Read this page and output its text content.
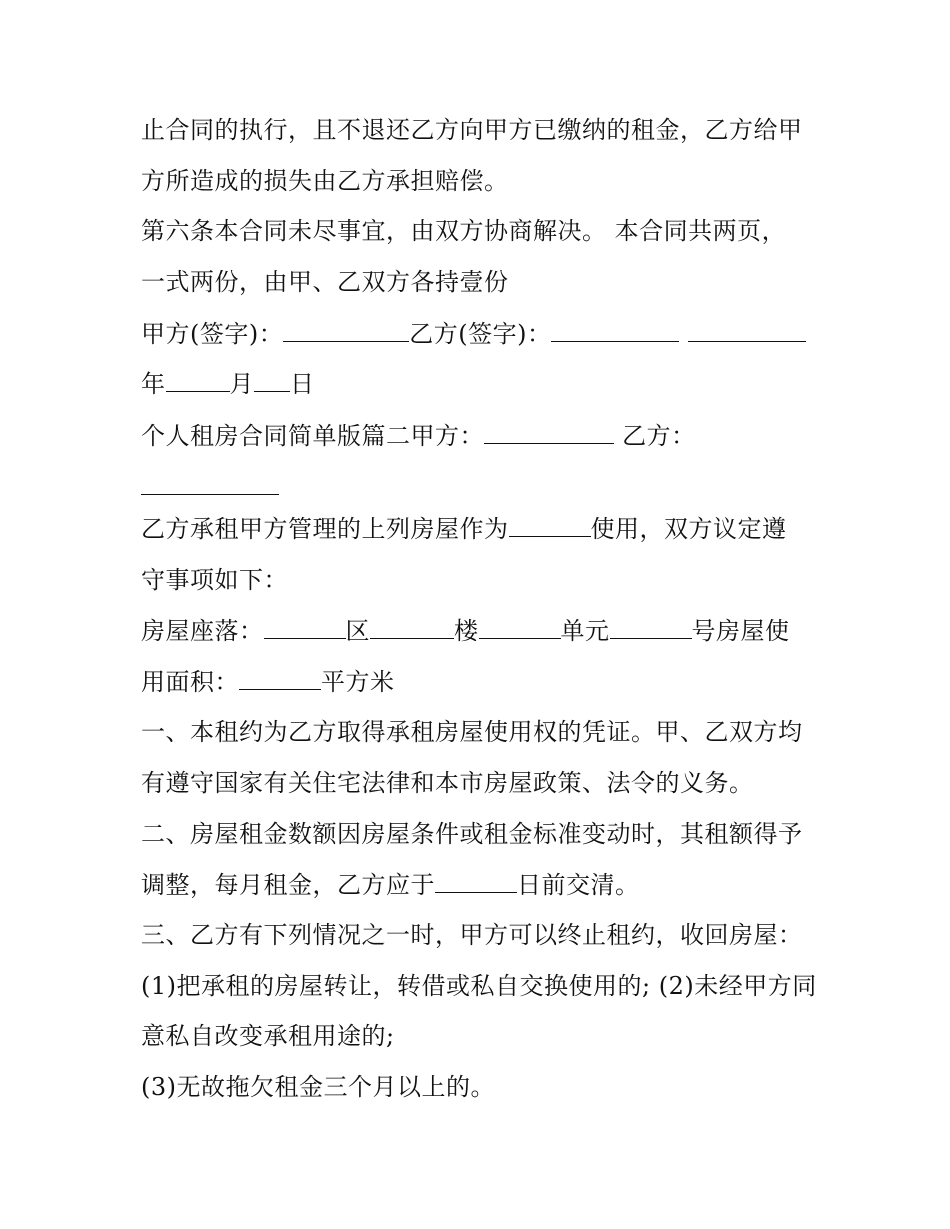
止合同的执行，且不退还乙方向甲方已缴纳的租金，乙方给甲
方所造成的损失由乙方承担赔偿。
第六条本合同未尽事宜，由双方协商解决。 本合同共两页，
一式两份，由甲、乙双方各持壹份
甲方(签字)：	乙方(签字)：
年	月 日
个人租房合同简单版篇二甲方：	乙方：
乙方承租甲方管理的上列房屋作为	使用，双方议定遵
守事项如下：
房屋座落：	区	楼	单元	号房屋使
用面积：	平方米
一、本租约为乙方取得承租房屋使用权的凭证。甲、乙双方均
有遵守国家有关住宅法律和本市房屋政策、法令的义务。
二、房屋租金数额因房屋条件或租金标准变动时，其租额得予
调整，每月租金，乙方应于	日前交清。
三、乙方有下列情况之一时，甲方可以终止租约，收回房屋：
(1)把承租的房屋转让，转借或私自交换使用的; (2)未经甲方同
意私自改变承租用途的;
(3)无故拖欠租金三个月以上的。
